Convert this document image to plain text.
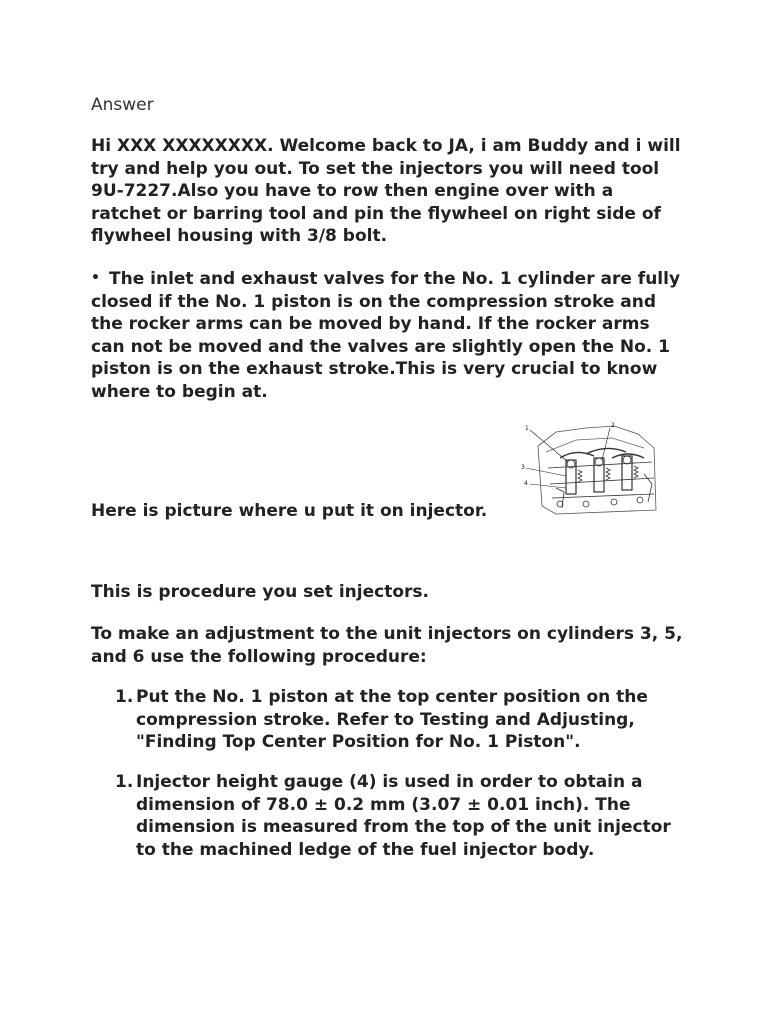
Answer

Hi XXX XXXXXXXX. Welcome back to JA, i am Buddy and i will try and help you out. To set the injectors you will need tool 9U-7227.Also you have to row then engine over with a ratchet or barring tool and pin the flywheel on right side of flywheel housing with 3/8 bolt.

• The inlet and exhaust valves for the No. 1 cylinder are fully closed if the No. 1 piston is on the compression stroke and the rocker arms can be moved by hand. If the rocker arms can not be moved and the valves are slightly open the No. 1 piston is on the exhaust stroke.This is very crucial to know where to begin at.

Here is picture where u put it on injector.

This is procedure you set injectors.

To make an adjustment to the unit injectors on cylinders 3, 5, and 6 use the following procedure:

1. Put the No. 1 piston at the top center position on the compression stroke. Refer to Testing and Adjusting, "Finding Top Center Position for No. 1 Piston".

1. Injector height gauge (4) is used in order to obtain a dimension of 78.0 ± 0.2 mm (3.07 ± 0.01 inch). The dimension is measured from the top of the unit injector to the machined ledge of the fuel injector body.

1	2
3
4
